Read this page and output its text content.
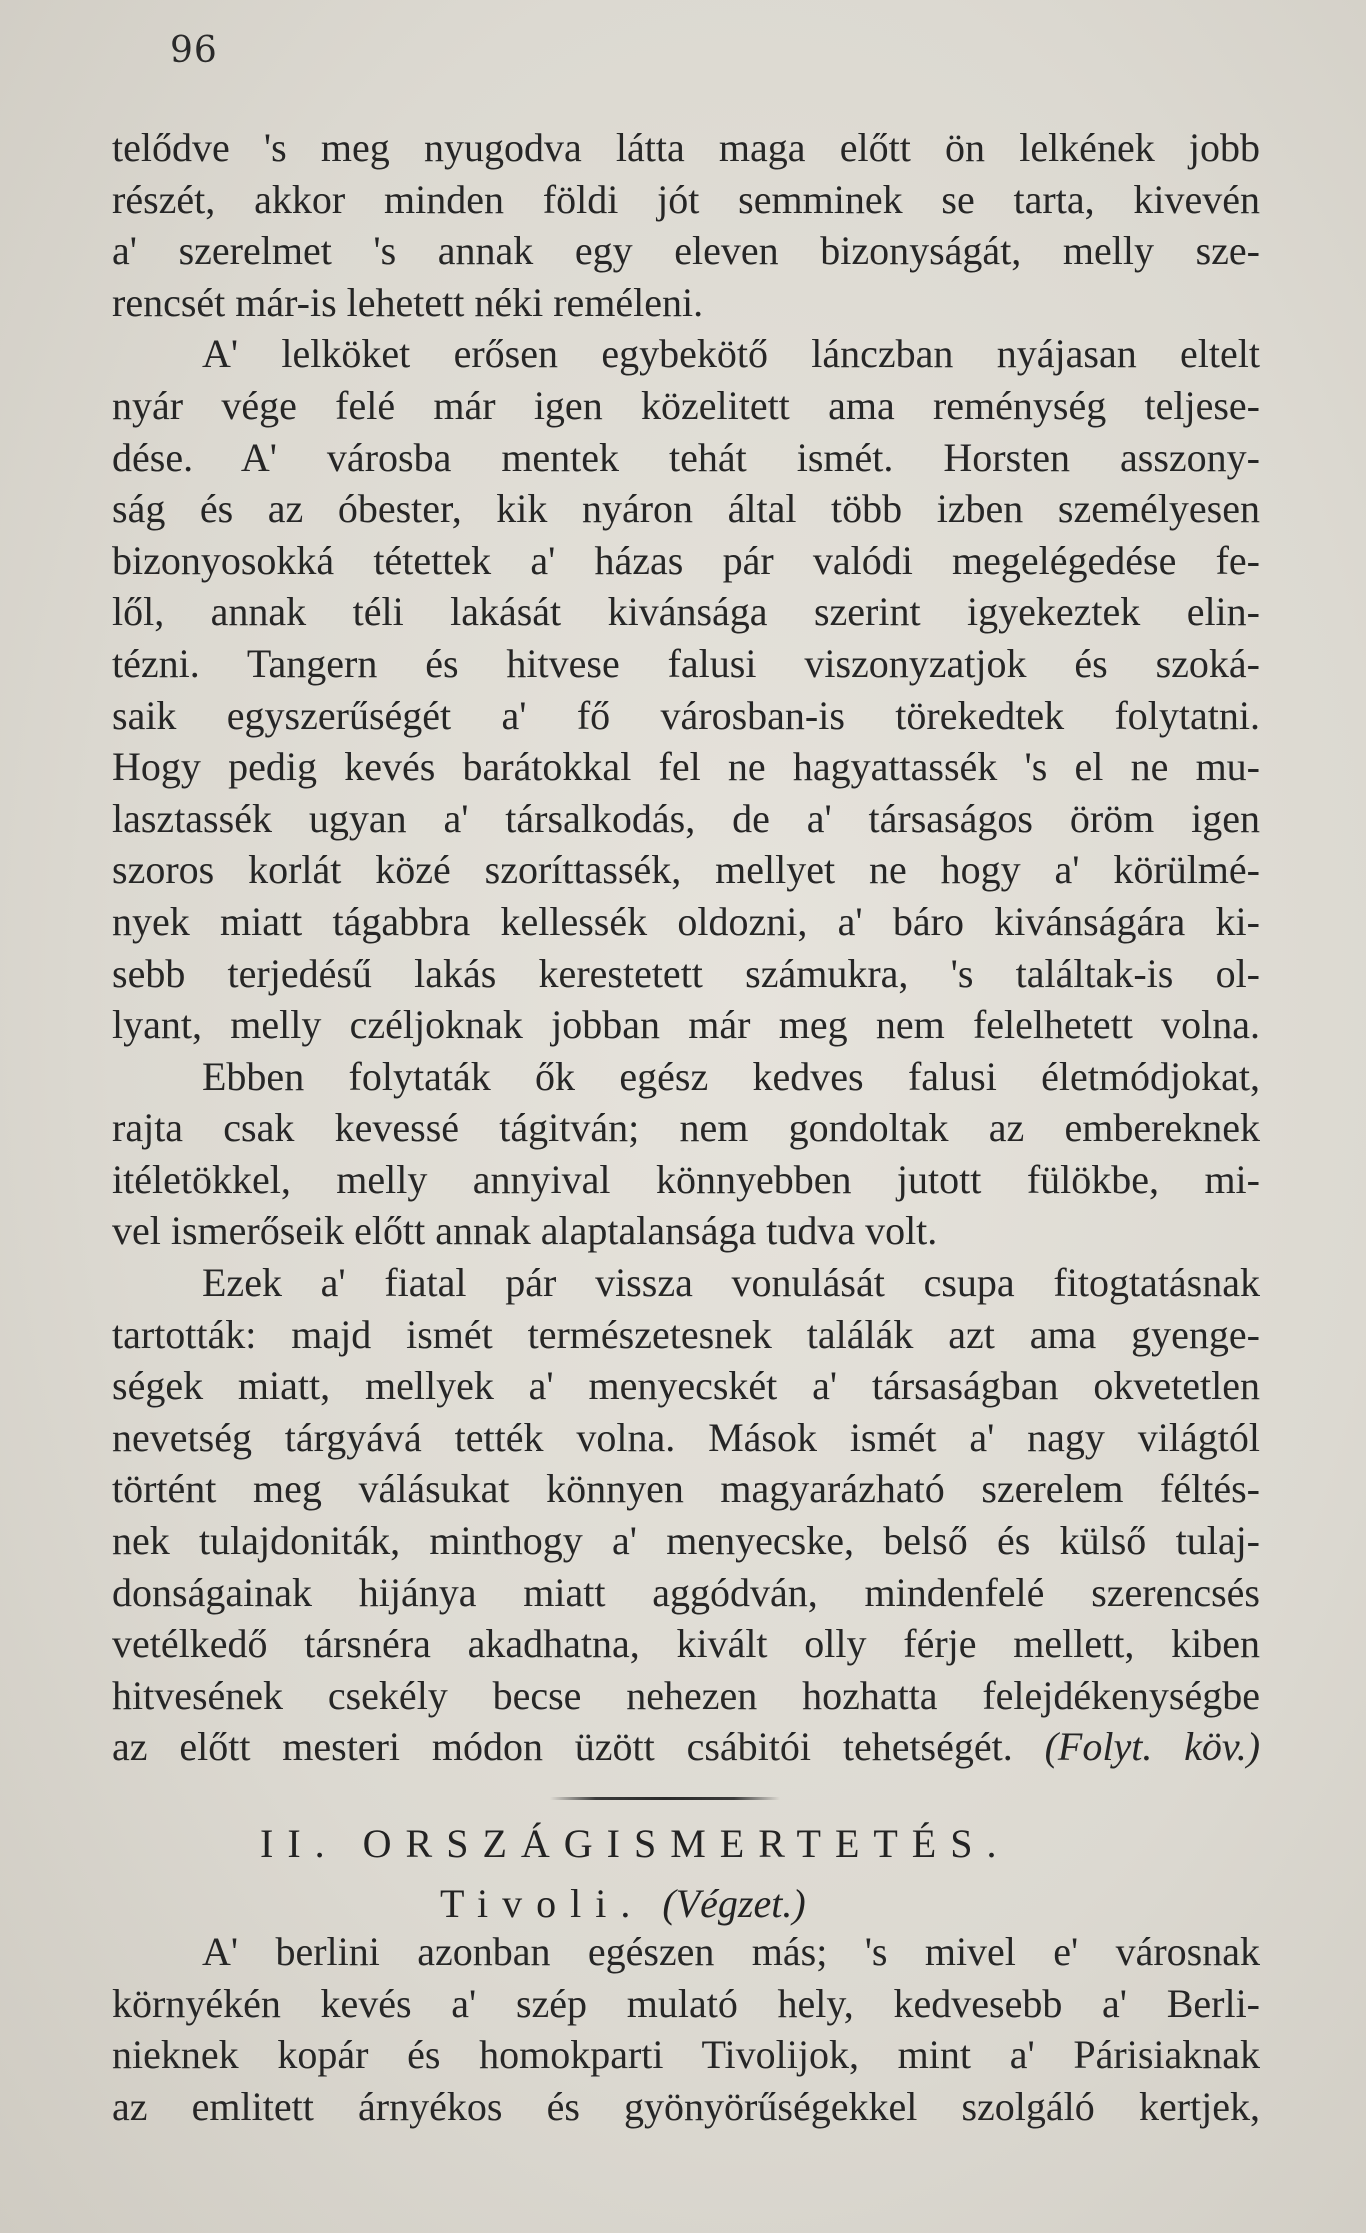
96
telődve 's meg nyugodva látta maga előtt ön lelkének jobb
részét, akkor minden földi jót semminek se tarta, kivevén
a' szerelmet 's annak egy eleven bizonyságát, melly sze-
rencsét már-is lehetett néki reméleni.
A' lelköket erősen egybekötő lánczban nyájasan eltelt
nyár vége felé már igen közelitett ama reménység teljese-
dése. A' városba mentek tehát ismét. Horsten asszony-
ság és az óbester, kik nyáron által több izben személyesen
bizonyosokká tétettek a' házas pár valódi megelégedése fe-
lől, annak téli lakását kivánsága szerint igyekeztek elin-
tézni. Tangern és hitvese falusi viszonyzatjok és szoká-
saik egyszerűségét a' fő városban-is törekedtek folytatni.
Hogy pedig kevés barátokkal fel ne hagyattassék 's el ne mu-
lasztassék ugyan a' társalkodás, de a' társaságos öröm igen
szoros korlát közé szoríttassék, mellyet ne hogy a' körülmé-
nyek miatt tágabbra kellessék oldozni, a' báro kivánságára ki-
sebb terjedésű lakás kerestetett számukra, 's találtak-is ol-
lyant, melly czéljoknak jobban már meg nem felelhetett volna.
Ebben folytaták ők egész kedves falusi életmódjokat,
rajta csak kevessé tágitván; nem gondoltak az embereknek
itéletökkel, melly annyival könnyebben jutott fülökbe, mi-
vel ismerőseik előtt annak alaptalansága tudva volt.
Ezek a' fiatal pár vissza vonulását csupa fitogtatásnak
tartották: majd ismét természetesnek találák azt ama gyenge-
ségek miatt, mellyek a' menyecskét a' társaságban okvetetlen
nevetség tárgyává tették volna. Mások ismét a' nagy világtól
történt meg válásukat könnyen magyarázható szerelem féltés-
nek tulajdoniták, minthogy a' menyecske, belső és külső tulaj-
donságainak hijánya miatt aggódván, mindenfelé szerencsés
vetélkedő társnéra akadhatna, kivált olly férje mellett, kiben
hitvesének csekély becse nehezen hozhatta felejdékenységbe
az előtt mesteri módon üzött csábitói tehetségét. (Folyt. köv.)
II. ORSZÁGISMERTETÉS.
Tivoli. (Végzet.)
A' berlini azonban egészen más; 's mivel e' városnak
környékén kevés a' szép mulató hely, kedvesebb a' Berli-
nieknek kopár és homokparti Tivolijok, mint a' Párisiaknak
az emlitett árnyékos és gyönyörűségekkel szolgáló kertjek,
